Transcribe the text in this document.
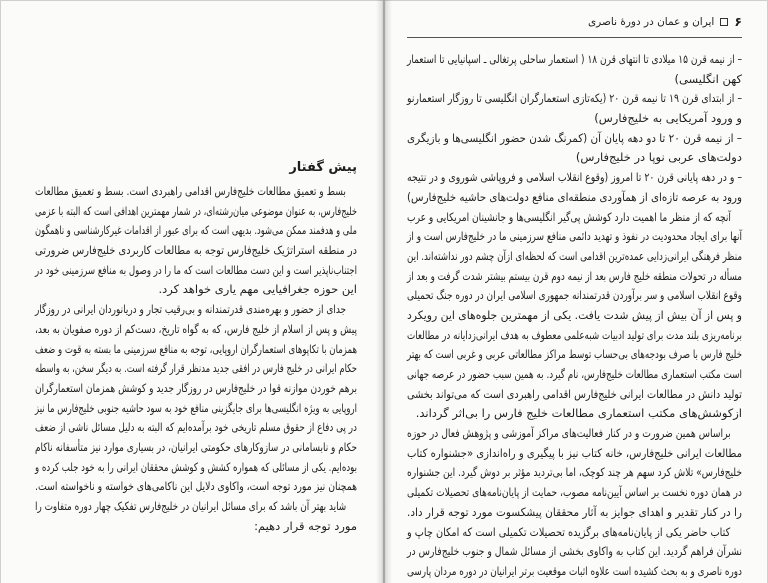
پیش گفتار
بسط و تعمیق مطالعات خلیج‌فارس اقدامی راهبردی است. بسط و تعمیق مطالعات
خلیج‌فارس، به عنوان موضوعی میان‌رشته‌ای، در شمار مهمترین اهدافی است که البته با عزمی
ملی و هدفمند ممکن می‌شود. بدیهی است که برای عبور از اقدامات غیرکارشناسی و ناهمگون
در منطقه استراتژیک خلیج‌فارس توجه به مطالعات کاربردی خلیج‌فارس ضرورتی
اجتناب‌ناپذیر است و این دست مطالعات است که ما را در وصول به منافع سرزمینی خود در
این حوزه جغرافیایی مهم یاری خواهد کرد.
جدای از حضور و بهره‌مندی قدرتمندانه و بی‌رقیب تجار و دریانوردان ایرانی در روزگار
پیش و پس از اسلام از خلیج فارس، که به گواه تاریخ، دست‌کم از دوره صفویان به بعد،
همزمان با تکاپوهای استعمارگران اروپایی، توجه به منافع سرزمینی ما بسته به قوت و ضعف
حکام ایرانی در خلیج فارس در افقی جدید مدنظر قرار گرفته است. به دیگر سخن، به واسطه
برهم خوردن موازنه قوا در خلیج‌فارس در روزگار جدید و کوشش همزمان استعمارگران
اروپایی به ویژه انگلیسی‌ها برای جایگزینی منافع خود به سود حاشیه جنوبی خلیج‌فارس ما نیز
در پی دفاع از حقوق مسلم تاریخی خود برآمده‌ایم که البته به دلیل مسائل ناشی از ضعف
حکام و نابسامانی در سازوکارهای حکومتی ایرانیان، در بسیاری موارد نیز متأسفانه ناکام
بوده‌ایم. یکی از مسائلی که همواره کشش و کوشش محققان ایرانی را به خود جلب کرده و
همچنان نیز مورد توجه است، واکاوی دلایل این ناکامی‌های خواسته و ناخواسته است.
شاید بهتر آن باشد که برای مسائل ایرانیان در خلیج‌فارس تفکیک چهار دوره متفاوت را
مورد توجه قرار دهیم:
۶
ایران و عمان در دورهٔ ناصری
– از نیمه قرن ۱۵ میلادی تا انتهای قرن ۱۸ ( استعمار ساحلی پرتغالی ـ اسپانیایی تا استعمار
کهن انگلیسی)
– از ابتدای قرن ۱۹ تا نیمه قرن ۲۰ (یکه‌تازی استعمارگران انگلیسی تا روزگار استعمارنو
و ورود آمریکایی به خلیج‌فارس)
– از نیمه قرن ۲۰ تا دو دهه پایان آن (کمرنگ شدن حضور انگلیسی‌ها و بازیگری
دولت‌های عربی نوپا در خلیج‌فارس)
– و در دهه پایانی قرن ۲۰ تا امروز (وقوع انقلاب اسلامی و فروپاشی شوروی و در نتیجه
ورود به عرصه تازه‌ای از همآوردی منطقه‌ای منافع دولت‌های حاشیه خلیج‌فارس)
آنچه که از منظر ما اهمیت دارد کوشش پی‌گیر انگلیسی‌ها و جانشینان امریکایی و عرب
آنها برای ایجاد محدودیت در نفوذ و تهدید دائمی منافع سرزمینی ما در خلیج‌فارس است و از
منظر فرهنگی ایرانی‌زدایی عمده‌ترین اقدامی است که لحظه‌ای ازآن چشم دور نداشته‌اند. این
مسأله در تحولات منطقه خلیج فارس بعد از نیمه دوم قرن بیستم بیشتر شدت گرفت و بعد از
وقوع انقلاب اسلامی و سر برآوردن قدرتمندانه جمهوری اسلامی ایران در دوره جنگ تحمیلی
و پس از آن بیش از پیش شدت یافت. یکی از مهمترین جلوه‌های این رویکرد
برنامه‌ریزی بلند مدت برای تولید ادبیات شبه‌علمی معطوف به هدف ایرانی‌زدایانه در مطالعات
خلیج فارس با صرف بودجه‌های بی‌حساب توسط مراکز مطالعاتی عربی و غربی است که بهتر
است مکتب استعماری مطالعات خلیج‌فارس، نام گیرد. به همین سبب حضور در عرصه جهانی
تولید دانش در مطالعات ایرانی خلیج‌فارس اقدامی راهبردی است که می‌تواند بخشی
ازکوشش‌های مکتب استعماری مطالعات خلیج فارس را بی‌اثر گرداند.
براساس همین ضرورت و در کنار فعالیت‌های مراکز آموزشی و پژوهش فعال در حوزه
مطالعات ایرانی خلیج‌فارس، خانه کتاب نیز با پیگیری و راه‌اندازی «جشنواره کتاب
خلیج‌فارس» تلاش کرد سهم هر چند کوچک، اما بی‌تردید مؤثر بر دوش گیرد. این جشنواره
در همان دوره نخست بر اساس آیین‌نامه مصوب، حمایت از پایان‌نامه‌های تحصیلات تکمیلی
را در کنار تقدیر و اهدای جوایز به آثار محققان پیشکسوت مورد توجه قرار داد.
کتاب حاضر یکی از پایان‌نامه‌های برگزیده تحصیلات تکمیلی است که امکان چاپ و
نشرآن فراهم گردید. این کتاب به واکاوی بخشی از مسائل شمال و جنوب خلیج‌فارس در
دوره ناصری و به بحث کشیده است علاوه اثبات موقعیت برتر ایرانیان در دوره مردان پارسی
